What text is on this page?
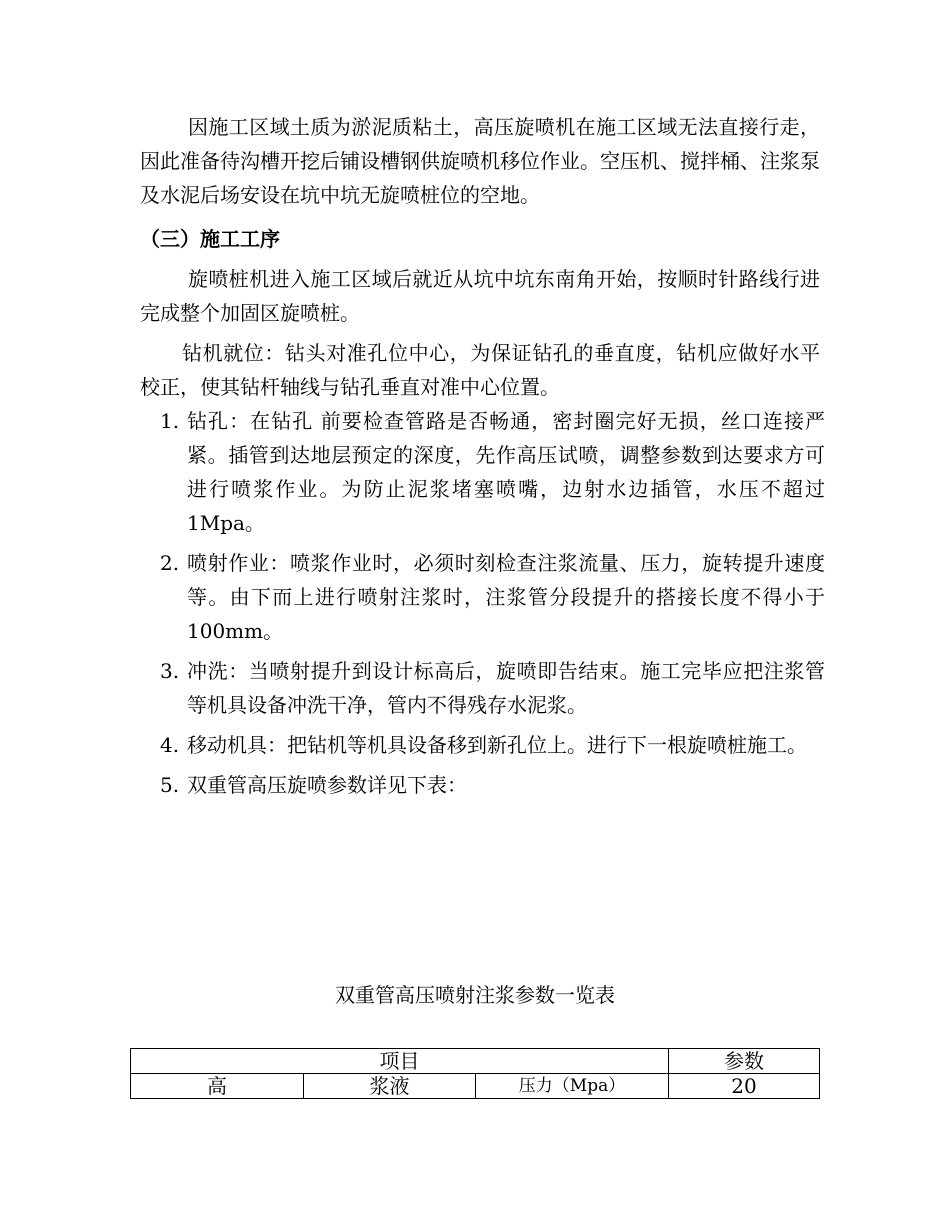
因施工区域土质为淤泥质粘土，高压旋喷机在施工区域无法直接行走，因此准备待沟槽开挖后铺设槽钢供旋喷机移位作业。空压机、搅拌桶、注浆泵及水泥后场安设在坑中坑无旋喷桩位的空地。

（三）施工工序

旋喷桩机进入施工区域后就近从坑中坑东南角开始，按顺时针路线行进完成整个加固区旋喷桩。

钻机就位：钻头对准孔位中心，为保证钻孔的垂直度，钻机应做好水平校正，使其钻杆轴线与钻孔垂直对准中心位置。

1. 钻孔：在钻孔 前要检查管路是否畅通，密封圈完好无损，丝口连接严紧。插管到达地层预定的深度，先作高压试喷，调整参数到达要求方可进行喷浆作业。为防止泥浆堵塞喷嘴，边射水边插管，水压不超过 1Mpa。
2. 喷射作业：喷浆作业时，必须时刻检查注浆流量、压力，旋转提升速度等。由下而上进行喷射注浆时，注浆管分段提升的搭接长度不得小于 100mm。
3. 冲洗：当喷射提升到设计标高后，旋喷即告结束。施工完毕应把注浆管等机具设备冲洗干净，管内不得残存水泥浆。
4. 移动机具：把钻机等机具设备移到新孔位上。进行下一根旋喷桩施工。
5. 双重管高压旋喷参数详见下表：

双重管高压喷射注浆参数一览表

项目			参数
高	浆液	压力（Mpa）	20
